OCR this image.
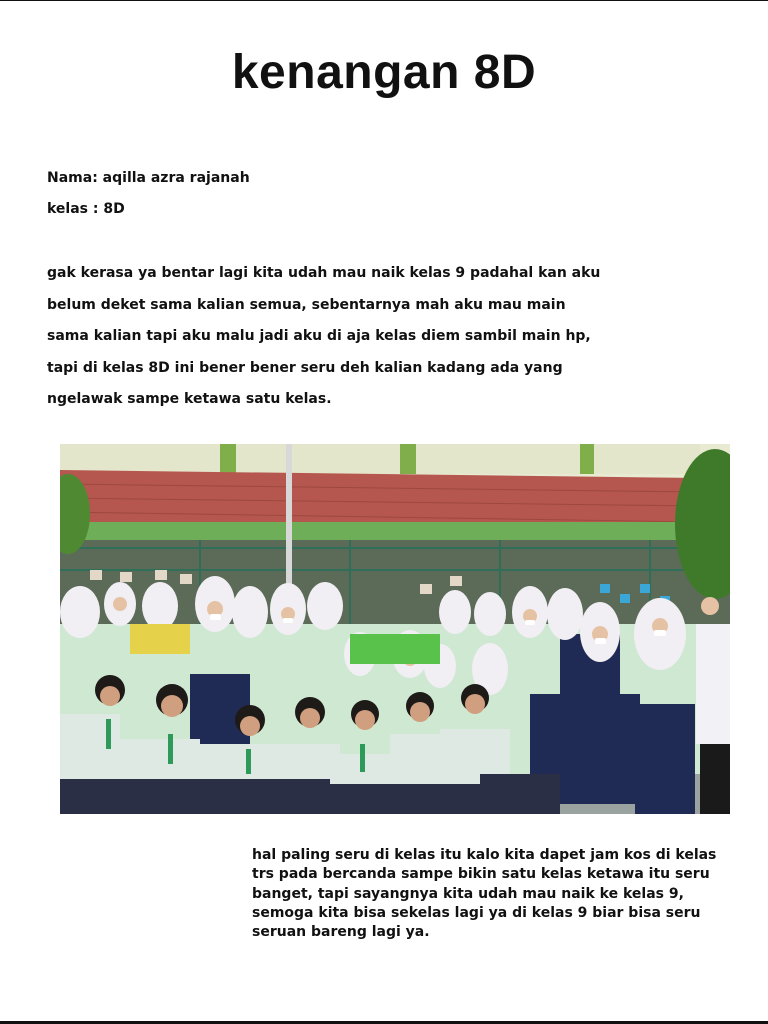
kenangan 8D
Nama: aqilla azra rajanah
kelas : 8D
gak kerasa ya bentar lagi kita udah mau naik kelas 9 padahal kan aku
belum deket sama kalian semua, sebentarnya mah aku mau main
sama kalian tapi aku malu jadi aku di aja kelas diem sambil main hp,
tapi di kelas 8D ini bener bener seru deh kalian kadang ada yang
ngelawak sampe ketawa satu kelas.
hal paling seru di kelas itu kalo kita dapet jam kos di kelas
trs pada bercanda sampe bikin satu kelas ketawa itu seru
banget, tapi sayangnya kita udah mau naik ke kelas 9,
semoga kita bisa sekelas lagi ya di kelas 9 biar bisa seru
seruan bareng lagi ya.
